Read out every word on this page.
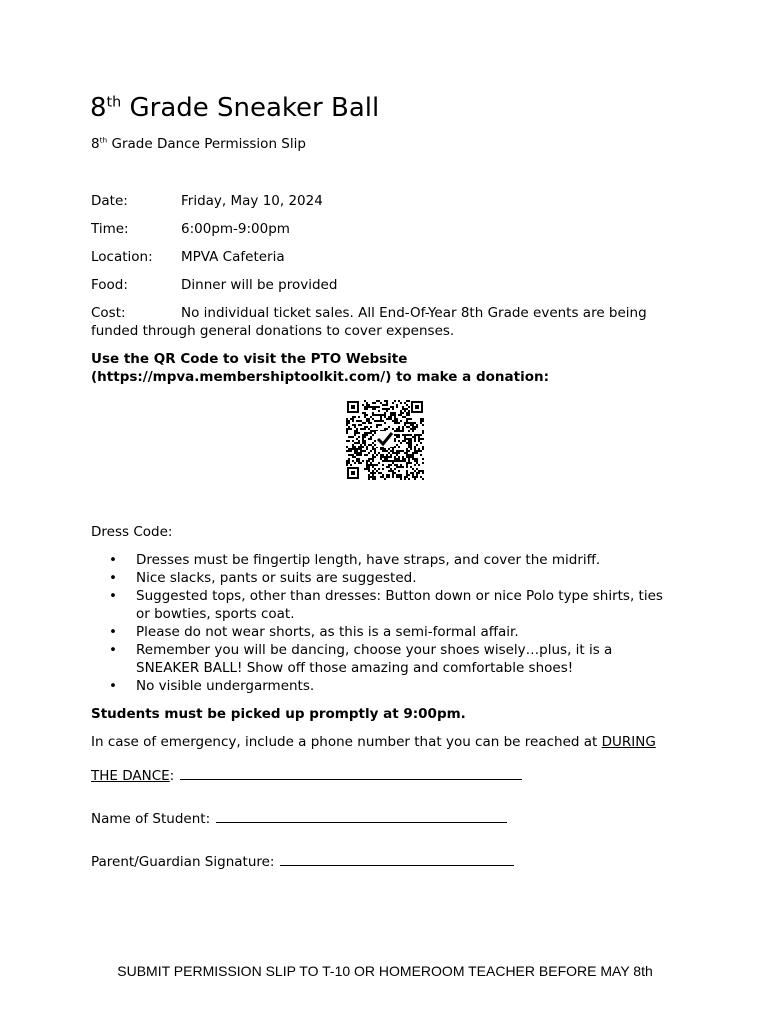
8th Grade Sneaker Ball
8th Grade Dance Permission Slip
Date:	Friday, May 10, 2024
Time:	6:00pm-9:00pm
Location: MPVA Cafeteria
Food:	Dinner will be provided
Cost:	No individual ticket sales. All End-Of-Year 8th Grade events are being
funded through general donations to cover expenses.
Use the QR Code to visit the PTO Website
(https://mpva.membershiptoolkit.com/) to make a donation:
Dress Code:
• Dresses must be fingertip length, have straps, and cover the midriff.
• Nice slacks, pants or suits are suggested.
• Suggested tops, other than dresses: Button down or nice Polo type shirts, ties
or bowties, sports coat.
• Please do not wear shorts, as this is a semi-formal affair.
• Remember you will be dancing, choose your shoes wisely…plus, it is a
SNEAKER BALL! Show off those amazing and comfortable shoes!
• No visible undergarments.
Students must be picked up promptly at 9:00pm.
In case of emergency, include a phone number that you can be reached at DURING
THE DANCE:
Name of Student:
Parent/Guardian Signature:
SUBMIT PERMISSION SLIP TO T-10 OR HOMEROOM TEACHER BEFORE MAY 8th
